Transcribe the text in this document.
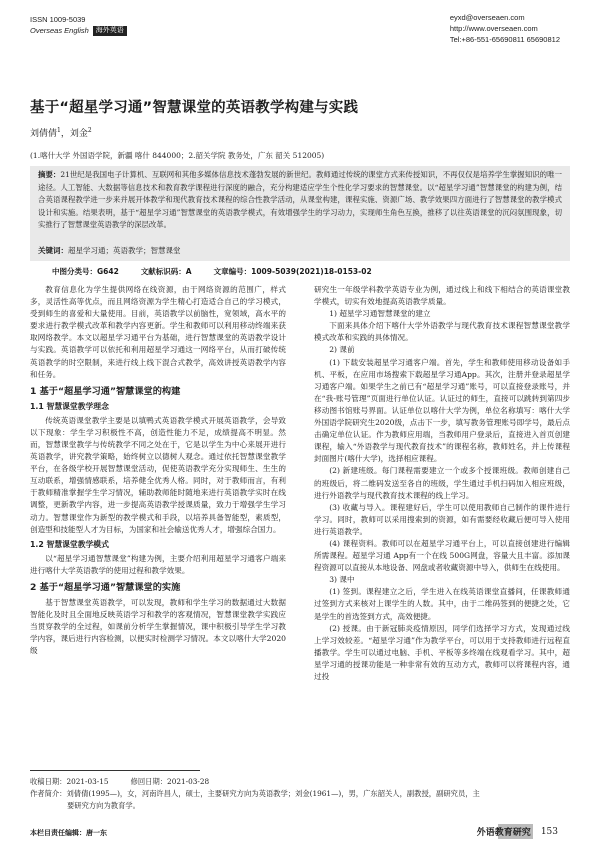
ISSN 1009-5039
Overseas English	海外英语
eyxd@overseaen.com
http://www.overseaen.com
Tel:+86-551-65690811 65690812
基于“超星学习通”智慧课堂的英语教学构建与实践
刘倩倩$^1$，刘金$^2$
(1.喀什大学 外国语学院，新疆 喀什 844000；2.韶关学院 教务处，广东 韶关 512005)
摘要：21世纪是我国电子计算机、互联网和其他多媒体信息技术蓬勃发展的新世纪。教师通过传统的课堂方式来传授知识，不再仅仅是培养学生掌握知识的唯一途径。人工智能、大数据等信息技术和教育教学课程进行深度的融合，充分构建适应学生个性化学习要求的智慧课堂。以“超星学习通”智慧课堂的构建为例，结合英语课程教学进一步来并展开体教学和现代教育技术课程的综合性教学活动，从课堂构建，课程实施、资源广场、教学效果四方面进行了智慧课堂的教学模式设计和实施。结果表明，基于“超星学习通”智慧课堂的英语教学模式，有效增强学生的学习动力，实现师生角色互换，推移了以往英语课堂的沉闷氛围现象，切实推行了智慧课堂英语教学的深层改革。
关键词：超星学习通；英语教学；智慧课堂
中图分类号：G642	文献标识码：A	文章编号：1009-5039(2021)18-0153-02

教育信息化为学生提供网络在线资源，由于网络资源的范围广，样式多，灵活性高等优点，而且网络资源为学生精心打造适合自己的学习模式，受到师生的喜爱和大量使用。目前，英语教学以前脑性，宽领域，高水平的要求进行教学模式改革和教学内容更新。学生和教师可以利用移动终端来获取网络教学。本文以超星学习通平台为基础，进行智慧课堂的英语教学设计与实践。英语教学可以依托和利用超星学习通这一网络平台，从而打破传统英语教学的时空限制，来进行线上线下混合式教学，高效讲授英语教学内容和任务。

1 基于“超星学习通”智慧课堂的构建
1.1 智慧课堂教学理念

传统英语课堂教学主要是以填鸭式英语教学模式开展英语教学，会导致以下现象：学生学习积极性不高，创造性能力不足，成绩提高不明显。然而，智慧课堂教学与传统教学不同之处在于，它是以学生为中心来展开进行英语教学，讲究教学策略，始终树立以德树人观念。通过依托智慧课堂教学平台，在各级学校开展智慧课堂活动，促使英语教学充分实现师生、生生的互动联系，增强情感联系，培养健全优秀人格。同时，对于教师而言，有利于教师精准掌握学生学习情况，辅助教师能时随地来进行英语教学实时在线调整，更新教学内容，进一步提高英语教学授课质量，致力于增强学生学习动力。智慧课堂作为新型的教学模式和手段，以培养具备智能型，素质型，创造型和技能型人才为目标，为国家和社会输送优秀人才，增强综合国力。

1.2 智慧课堂教学模式

以“超星学习通智慧课堂”构建为例，主要介绍利用超星学习通客户端来进行喀什大学英语教学的使用过程和教学效果。

2 基于“超星学习通”智慧课堂的实施

基于智慧课堂英语教学，可以发现，教师和学生学习的数据通过大数据智能化及时且全面地反映英语学习和教学的客观情况，智慧课堂教学实践应当贯穿教学的全过程，如课前分析学生掌握情况，课中积极引导学生学习教学内容，课后进行内容检测，以便实时检测学习情况。本文以喀什大学2020级

研究生一年级学科教学英语专业为例，通过线上和线下相结合的英语课堂教学模式，切实有效地提高英语教学质量。

1) 超星学习通智慧课堂的建立

下面来具体介绍下喀什大学外语教学与现代教育技术课程智慧课堂教学模式改革和实践的具体情况。

2) 课前

(1) 下载安装超星学习通客户端。首先，学生和教师使用移动设备如手机、平板，在应用市场搜索下载超星学习通App。其次，注册并登录超星学习通客户端。如果学生之前已有“超星学习通”账号，可以直接登录账号，并在“我-账号管理”页面进行单位认证。认证过的师生，直接可以跳转到第四步移动图书馆账号界面。认证单位以喀什大学为例，单位名称填写：喀什大学外国语学院研究生2020级，点击下一步，填写教务管理账号即学号，最后点击确定单位认证。作为教师应用端，当教师用户登录后，直接进入首页创建课程，输入“外语教学与现代教育技术”的课程名称，教师姓名，并上传课程封面图片(喀什大学)，选择相应课程。

(2) 新建班级。每门课程需要建立一个或多个授课班级。教师创建自己的班级后，将二维码发送至各自的班级，学生通过手机扫码加入相应班级，进行外语教学与现代教育技术课程的线上学习。

(3) 收藏与导入。课程建好后，学生可以使用教师自己制作的课件进行学习。同时，教师可以采用搜索到的资源，如有需要经收藏后便可导入使用进行英语教学。

(4) 课程资料。教师可以在超星学习通平台上，可以直接创建进行编辑所需课程。超星学习通 App有一个在线 500G网盘，容量大且丰富。添加课程资源可以直接从本地设备、网盘或者收藏资源中导入，供师生在线使用。

3) 课中

(1) 签到。课程建立之后，学生进入在线英语课堂直播间，任课教师通过签到方式来核对上课学生的人数。其中，由于二维码签到的便捷之处，它是学生的首选签到方式，高效便捷。

(2) 授课。由于新冠肺炎疫情原因，同学们选择学习方式，发现通过线上学习效较差。“超星学习通”作为教学平台，可以用于支持教师进行远程直播教学。学生可以通过电脑、手机、平板等多终端在线观看学习。其中，超星学习通的授课功能是一种非常有效的互动方式，教师可以将课程内容，通过投

收稿日期：2021-03-15	修回日期：2021-03-28
作者简介：刘倩倩(1995—)，女，河南许昌人，硕士，主要研究方向为英语教学；刘金(1961—)，男，广东韶关人，副教授，副研究员，主
要研究方向为教育学。
本栏目责任编辑：唐一东	外语教育研究 153
